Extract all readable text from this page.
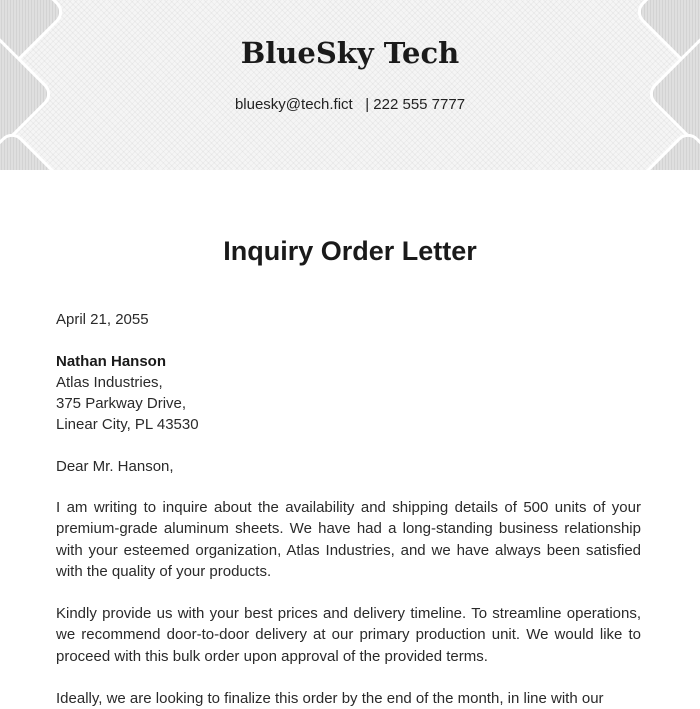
BlueSky Tech
bluesky@tech.fict | 222 555 7777
Inquiry Order Letter
April 21, 2055
Nathan Hanson
Atlas Industries,
375 Parkway Drive,
Linear City, PL 43530
Dear Mr. Hanson,
I am writing to inquire about the availability and shipping details of 500 units of your premium-grade aluminum sheets. We have had a long-standing business relationship with your esteemed organization, Atlas Industries, and we have always been satisfied with the quality of your products.
Kindly provide us with your best prices and delivery timeline. To streamline operations, we recommend door-to-door delivery at our primary production unit. We would like to proceed with this bulk order upon approval of the provided terms.
Ideally, we are looking to finalize this order by the end of the month, in line with our
